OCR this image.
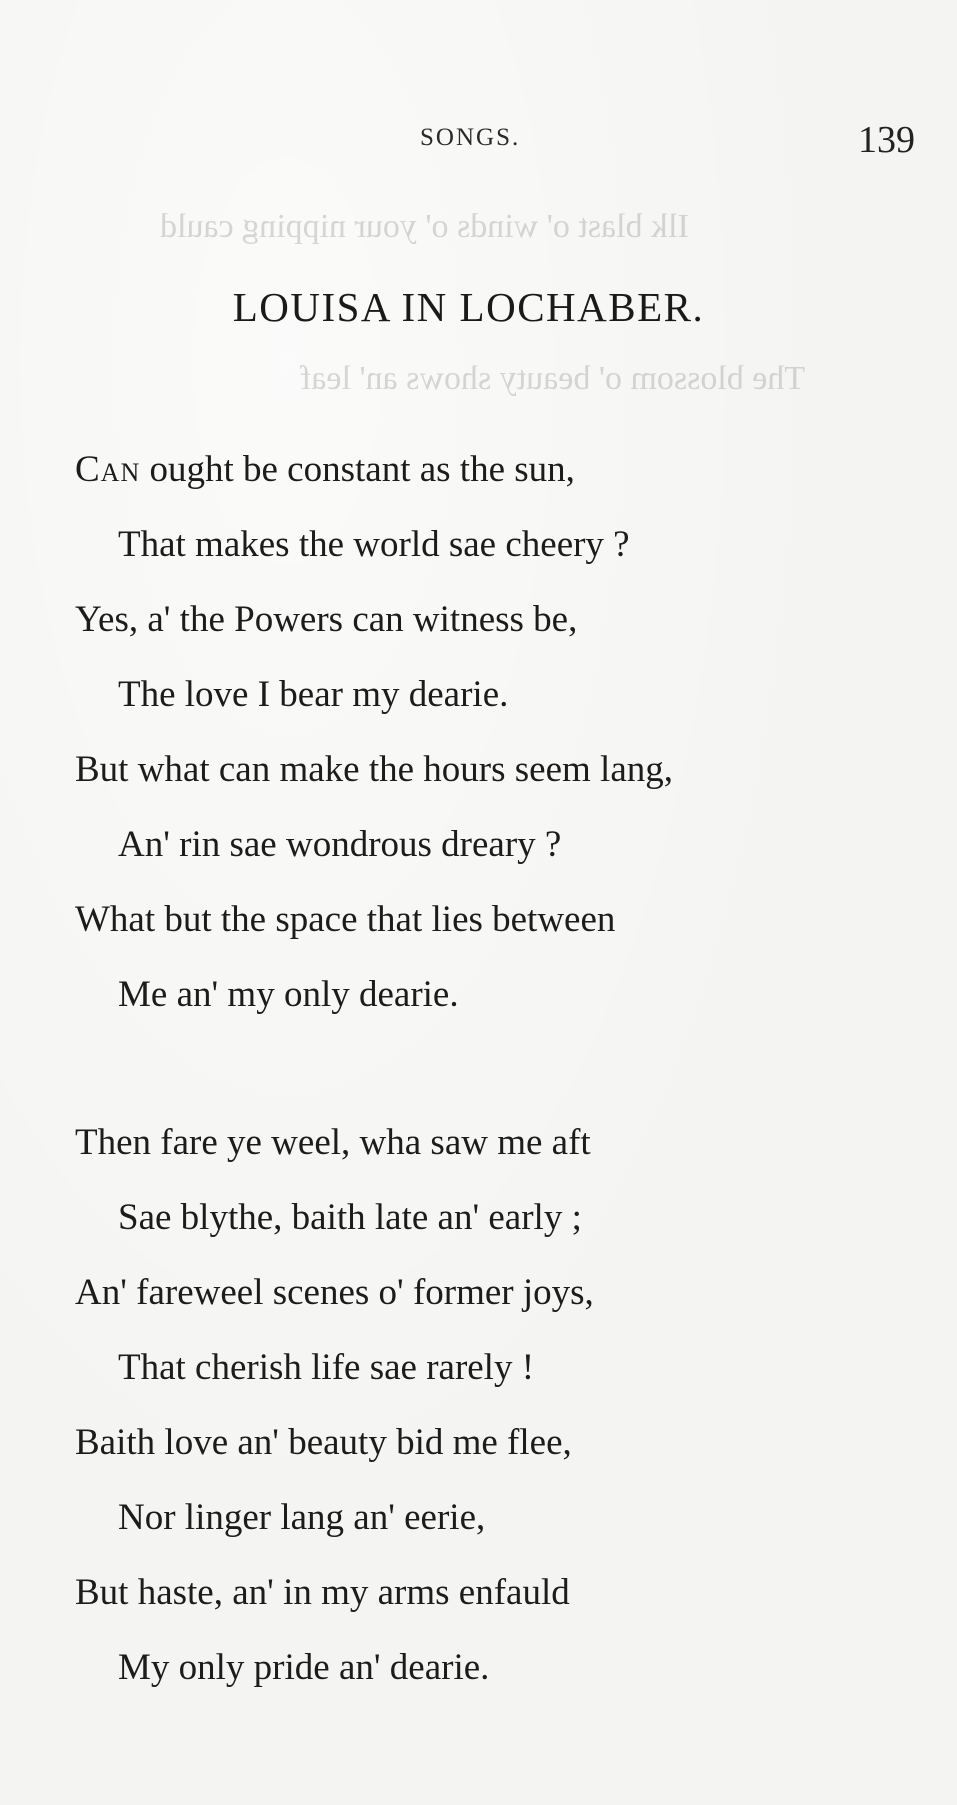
Ilk blast o' winds o' your nipping cauld
The blossom o' beauty shows an' leaf
SONGS.	139
LOUISA IN LOCHABER.
Can ought be constant as the sun,
That makes the world sae cheery ?
Yes, a' the Powers can witness be,
The love I bear my dearie.
But what can make the hours seem lang,
An' rin sae wondrous dreary ?
What but the space that lies between
Me an' my only dearie.
Then fare ye weel, wha saw me aft
Sae blythe, baith late an' early ;
An' fareweel scenes o' former joys,
That cherish life sae rarely !
Baith love an' beauty bid me flee,
Nor linger lang an' eerie,
But haste, an' in my arms enfauld
My only pride an' dearie.
